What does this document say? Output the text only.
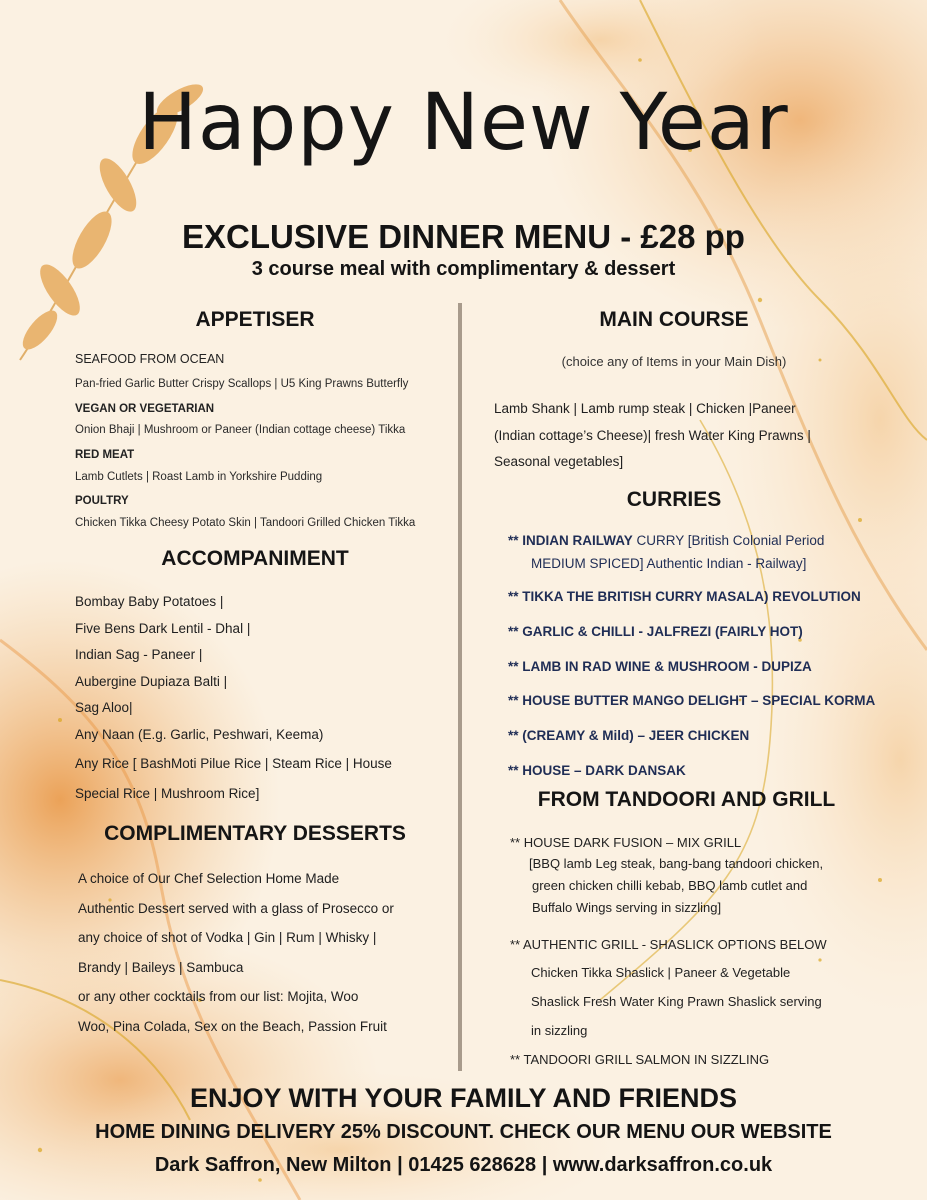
Happy New Year
EXCLUSIVE DINNER MENU - £28 pp
3 course meal with complimentary & dessert
APPETISER
SEAFOOD FROM OCEAN
Pan-fried Garlic Butter Crispy Scallops | U5 King Prawns Butterfly
VEGAN OR VEGETARIAN
Onion Bhaji | Mushroom or Paneer (Indian cottage cheese) Tikka
RED MEAT
Lamb Cutlets | Roast Lamb in Yorkshire Pudding
POULTRY
Chicken Tikka Cheesy Potato Skin | Tandoori Grilled Chicken Tikka
ACCOMPANIMENT
Bombay Baby Potatoes |
Five Bens Dark Lentil - Dhal |
Indian Sag - Paneer |
Aubergine Dupiaza Balti |
Sag Aloo|
Any Naan (E.g. Garlic, Peshwari, Keema)
Any Rice [ BashMoti Pilue Rice | Steam Rice | House
Special Rice | Mushroom Rice]
COMPLIMENTARY DESSERTS
A choice of Our Chef Selection Home Made
Authentic Dessert served with a glass of Prosecco or
any choice of shot of Vodka | Gin | Rum | Whisky |
Brandy | Baileys | Sambuca
or any other cocktails from our list: Mojita, Woo
Woo, Pina Colada, Sex on the Beach, Passion Fruit
MAIN COURSE
(choice any of Items in your Main Dish)
Lamb Shank | Lamb rump steak | Chicken |Paneer
(Indian cottage’s Cheese)| fresh Water King Prawns |
Seasonal vegetables]
CURRIES
** INDIAN RAILWAY CURRY [British Colonial Period
MEDIUM SPICED] Authentic Indian - Railway]
** TIKKA THE BRITISH CURRY MASALA) REVOLUTION
** GARLIC & CHILLI - JALFREZI (FAIRLY HOT)
** LAMB IN RAD WINE & MUSHROOM - DUPIZA
** HOUSE BUTTER MANGO DELIGHT – SPECIAL KORMA
** (CREAMY & Mild) – JEER CHICKEN
** HOUSE – DARK DANSAK
FROM TANDOORI AND GRILL
** HOUSE DARK FUSION – MIX GRILL
[BBQ lamb Leg steak, bang-bang tandoori chicken,
green chicken chilli kebab, BBQ lamb cutlet and
Buffalo Wings serving in sizzling]
** AUTHENTIC GRILL - SHASLICK OPTIONS BELOW
Chicken Tikka Shaslick | Paneer & Vegetable
Shaslick Fresh Water King Prawn Shaslick serving
in sizzling
** TANDOORI GRILL SALMON IN SIZZLING
ENJOY WITH YOUR FAMILY AND FRIENDS
HOME DINING DELIVERY 25% DISCOUNT. CHECK OUR MENU OUR WEBSITE
Dark Saffron, New Milton | 01425 628628 | www.darksaffron.co.uk
